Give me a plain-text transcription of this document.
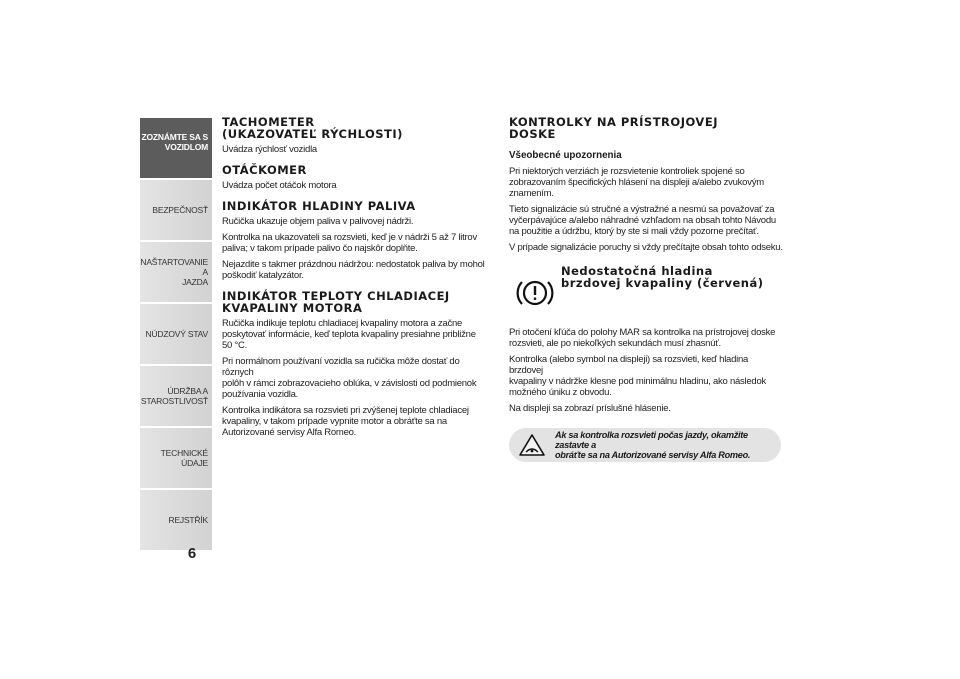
ZOZNÁMTE SA S
VOZIDLOM
BEZPEČNOSŤ
NAŠTARTOVANIE A
JAZDA
NÚDZOVÝ STAV
ÚDRŽBA A
STAROSTLIVOSŤ
TECHNICKÉ ÚDAJE
REJSTŘÍK
6
TACHOMETER
(UKAZOVATEĽ RÝCHLOSTI)

Uvádza rýchlosť vozidla

OTÁČKOMER

Uvádza počet otáčok motora

INDIKÁTOR HLADINY PALIVA

Ručička ukazuje objem paliva v palivovej nádrži.

Kontrolka na ukazovateli sa rozsvieti, keď je v nádrži 5 až 7 litrov
paliva; v takom prípade palivo čo najskôr doplňte.

Nejazdite s takmer prázdnou nádržou: nedostatok paliva by mohol
poškodiť katalyzátor.

INDIKÁTOR TEPLOTY CHLADIACEJ
KVAPALINY MOTORA

Ručička indikuje teplotu chladiacej kvapaliny motora a začne
poskytovať informácie, keď teplota kvapaliny presiahne približne
50 °C.

Pri normálnom používaní vozidla sa ručička môže dostať do rôznych
polôh v rámci zobrazovacieho oblúka, v závislosti od podmienok
používania vozidla.

Kontrolka indikátora sa rozsvieti pri zvýšenej teplote chladiacej
kvapaliny, v takom prípade vypnite motor a obráťte sa na
Autorizované servisy Alfa Romeo.

KONTROLKY NA PRÍSTROJOVEJ
DOSKE
Všeobecné upozornenia

Pri niektorých verziách je rozsvietenie kontroliek spojené so
zobrazovaním špecifických hlásení na displeji a/alebo zvukovým
znamením.

Tieto signalizácie sú stručné a výstražné a nesmú sa považovať za
vyčerpávajúce a/alebo náhradné vzhľadom na obsah tohto Návodu
na použitie a údržbu, ktorý by ste si mali vždy pozorne prečítať.

V prípade signalizácie poruchy si vždy prečítajte obsah tohto odseku.

Nedostatočná hladina
brzdovej kvapaliny (červená)

Pri otočení kľúča do polohy MAR sa kontrolka na prístrojovej doske
rozsvieti, ale po niekoľkých sekundách musí zhasnúť.

Kontrolka (alebo symbol na displeji) sa rozsvieti, keď hladina brzdovej
kvapaliny v nádržke klesne pod minimálnu hladinu, ako následok
možného úniku z obvodu.

Na displeji sa zobrazí príslušné hlásenie.

Ak sa kontrolka rozsvieti počas jazdy, okamžite zastavte a
obráťte sa na Autorizované servisy Alfa Romeo.
